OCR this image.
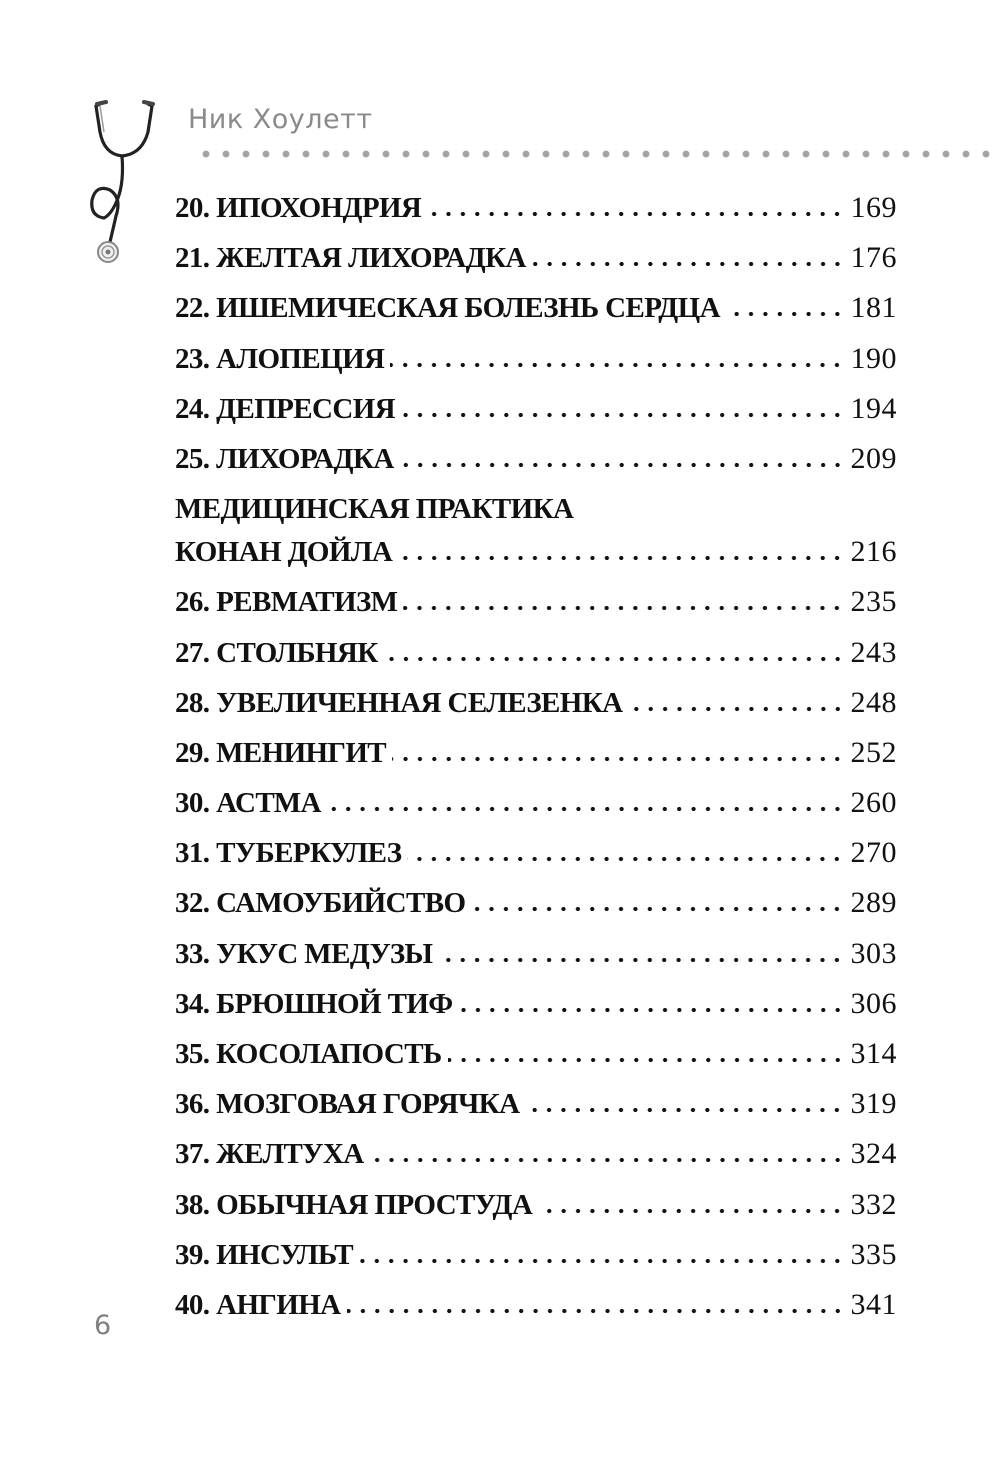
Ник Хоулетт
20. ИПОХОНДРИЯ	169
21. ЖЕЛТАЯ ЛИХОРАДКА	176
22. ИШЕМИЧЕСКАЯ БОЛЕЗНЬ СЕРДЦА	181
23. АЛОПЕЦИЯ	190
24. ДЕПРЕССИЯ	194
25. ЛИХОРАДКА	209
МЕДИЦИНСКАЯ ПРАКТИКА
КОНАН ДОЙЛА	216
26. РЕВМАТИЗМ	235
27. СТОЛБНЯК	243
28. УВЕЛИЧЕННАЯ СЕЛЕЗЕНКА	248
29. МЕНИНГИТ	252
30. АСТМА	260
31. ТУБЕРКУЛЕЗ	270
32. САМОУБИЙСТВО	289
33. УКУС МЕДУЗЫ	303
34. БРЮШНОЙ ТИФ	306
35. КОСОЛАПОСТЬ	314
36. МОЗГОВАЯ ГОРЯЧКА	319
37. ЖЕЛТУХА	324
38. ОБЫЧНАЯ ПРОСТУДА	332
39. ИНСУЛЬТ	335
40. АНГИНА	341
6
